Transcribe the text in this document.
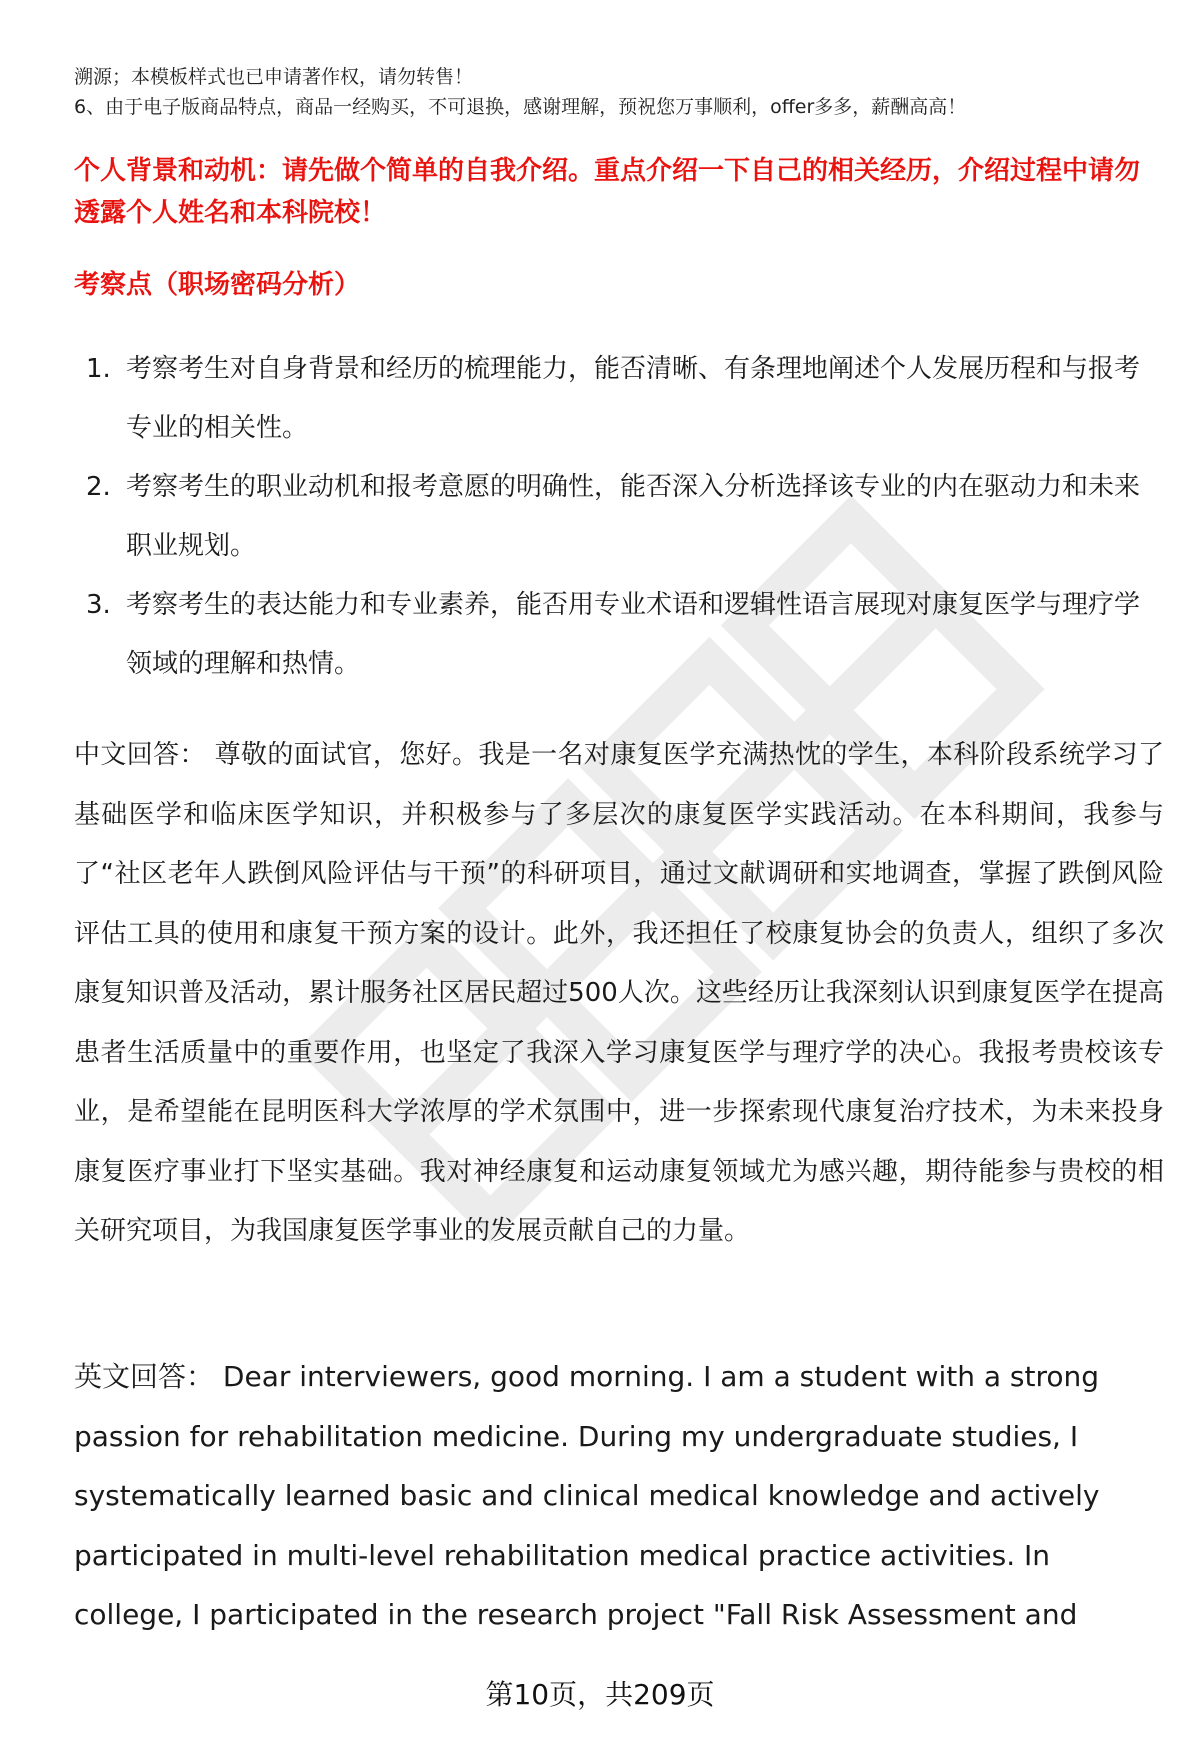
溯源；本模板样式也已申请著作权，请勿转售！

6、由于电子版商品特点，商品一经购买，不可退换，感谢理解，预祝您万事顺利，offer多多，薪酬高高！

个人背景和动机：请先做个简单的自我介绍。重点介绍一下自己的相关经历，介绍过程中请勿透露个人姓名和本科院校！

考察点（职场密码分析）

1. 考察考生对自身背景和经历的梳理能力，能否清晰、有条理地阐述个人发展历程和与报考专业的相关性。
2. 考察考生的职业动机和报考意愿的明确性，能否深入分析选择该专业的内在驱动力和未来职业规划。
3. 考察考生的表达能力和专业素养，能否用专业术语和逻辑性语言展现对康复医学与理疗学领域的理解和热情。

中文回答： 尊敬的面试官，您好。我是一名对康复医学充满热忱的学生，本科阶段系统学习了基础医学和临床医学知识，并积极参与了多层次的康复医学实践活动。在本科期间，我参与了“社区老年人跌倒风险评估与干预”的科研项目，通过文献调研和实地调查，掌握了跌倒风险评估工具的使用和康复干预方案的设计。此外，我还担任了校康复协会的负责人，组织了多次康复知识普及活动，累计服务社区居民超过500人次。这些经历让我深刻认识到康复医学在提高患者生活质量中的重要作用，也坚定了我深入学习康复医学与理疗学的决心。我报考贵校该专业，是希望能在昆明医科大学浓厚的学术氛围中，进一步探索现代康复治疗技术，为未来投身康复医疗事业打下坚实基础。我对神经康复和运动康复领域尤为感兴趣，期待能参与贵校的相关研究项目，为我国康复医学事业的发展贡献自己的力量。

英文回答： Dear interviewers, good morning. I am a student with a strong passion for rehabilitation medicine. During my undergraduate studies, I systematically learned basic and clinical medical knowledge and actively participated in multi-level rehabilitation medical practice activities. In college, I participated in the research project "Fall Risk Assessment and

第10页，共209页
